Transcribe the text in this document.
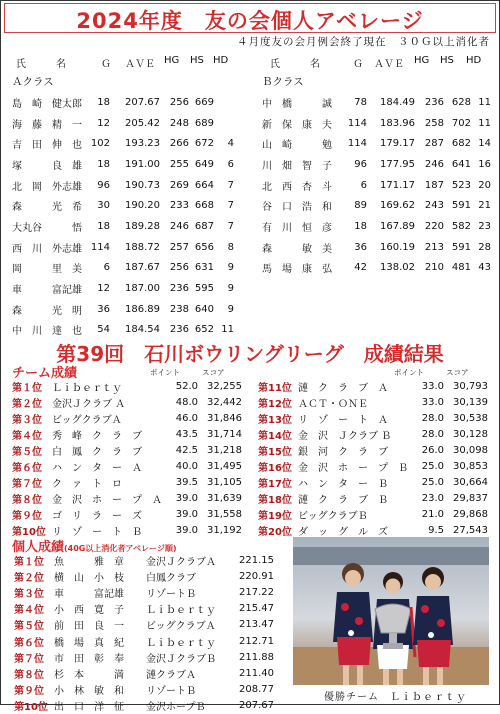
2024年度　友の会個人アベレージ
４月度友の会月例会終了現在　３０Ｇ以上消化者
氏　　　名	Ｇ ＡＶＥ HG HS HD	氏　　　名	Ｇ ＡＶＥ HG HS HD
Ａクラス	Ｂクラス
島　崎　健太郎	18	207.67	256	669	
海　藤　精　一	12	205.42	248	689	
吉　田　伸　也	102	193.23	266	672	4
塚　　　良　雄	18	191.00	255	649	6
北　岡　外志雄	96	190.73	269	664	7
森　　　光　希	30	190.20	233	668	7
大丸谷　　　悟	18	189.28	246	687	7
西　川　外志雄	114	188.72	257	656	8
岡　　　里　美	6	187.67	256	631	9
車　　　富記雄	12	187.00	236	595	9
森　　　光　明	36	186.89	238	640	9
中　川　達　也	54	184.54	236	652	11
中　橋　　　誠	78	184.49	236	628	11
新　保　康　夫	114	183.96	258	702	11
山　崎　　　勉	114	179.17	287	682	14
川　畑　智　子	96	177.95	246	641	16
北　西　杏　斗	6	171.17	187	523	20
谷　口　浩　和	89	169.62	243	591	21
有　川　恒　彦	18	167.89	220	582	23
森　　　敏　美	36	160.19	213	591	28
馬　場　康　弘	42	138.02	210	481	43
第39回　石川ボウリングリーグ　成績結果
チーム成績	ポイント	スコア	ポイント	スコア
第１位	Ｌｉｂｅｒｔｙ	52.0	32,255
第２位	金沢Ｊクラブ Ａ	48.0	32,442
第３位	ビッグクラブＡ	46.0	31,846
第４位	秀　峰　ク　ラ　ブ	43.5	31,714
第５位	白　鳳　ク　ラ　ブ	42.5	31,218
第６位	ハ　ン　タ　ー　Ａ	40.0	31,495
第７位	ク　ァ　ト　ロ	39.5	31,105
第８位	金　沢　ホ　ー　プ　Ａ	39.0	31,639
第９位	ゴ　リ　ラ　ー　ズ	39.0	31,558
第10位	リ　ゾ　ー　ト　Ｂ	39.0	31,192
第11位	漣　ク　ラ　ブ　Ａ	33.0	30,793
第12位	ＡＣＴ・ＯＮＥ	33.0	30,139
第13位	リ　ゾ　ー　ト　Ａ	28.0	30,538
第14位	金　沢　Ｊクラブ Ｂ	28.0	30,128
第15位	銀　河　ク　ラ　ブ	26.0	30,098
第16位	金　沢　ホ　ー　プ　Ｂ	25.0	30,853
第17位	ハ　ン　タ　ー　Ｂ	25.0	30,664
第18位	漣　ク　ラ　ブ　Ｂ	23.0	29,837
第19位	ビッグクラブＢ	21.0	29,868
第20位	ダ　ッ　グ　ル　ズ	9.5	27,543
個人成績(40G以上消化者アベレージ順)
第１位	魚　　　雅　章	金沢ＪクラブＡ	221.15
第２位	横　山　小　枝	白鳳クラブ	220.91
第３位	車　　　富記雄	リゾートＢ	217.22
第４位	小　西　寛　子	Ｌｉｂｅｒｔｙ	215.47
第５位	前　田　良　一	ビッグクラブＡ	213.47
第６位	橋　場　真　紀	Ｌｉｂｅｒｔｙ	212.71
第７位	市　田　彰　奉	金沢ＪクラブＢ	211.88
第８位	杉　本　　　満	漣クラブＡ	211.40
第９位	小　林　敏　和	リゾートＢ	208.77
第10位	出　口　洋　征	金沢ホープＢ	207.67
優勝チーム　Ｌｉｂｅｒｔｙ
